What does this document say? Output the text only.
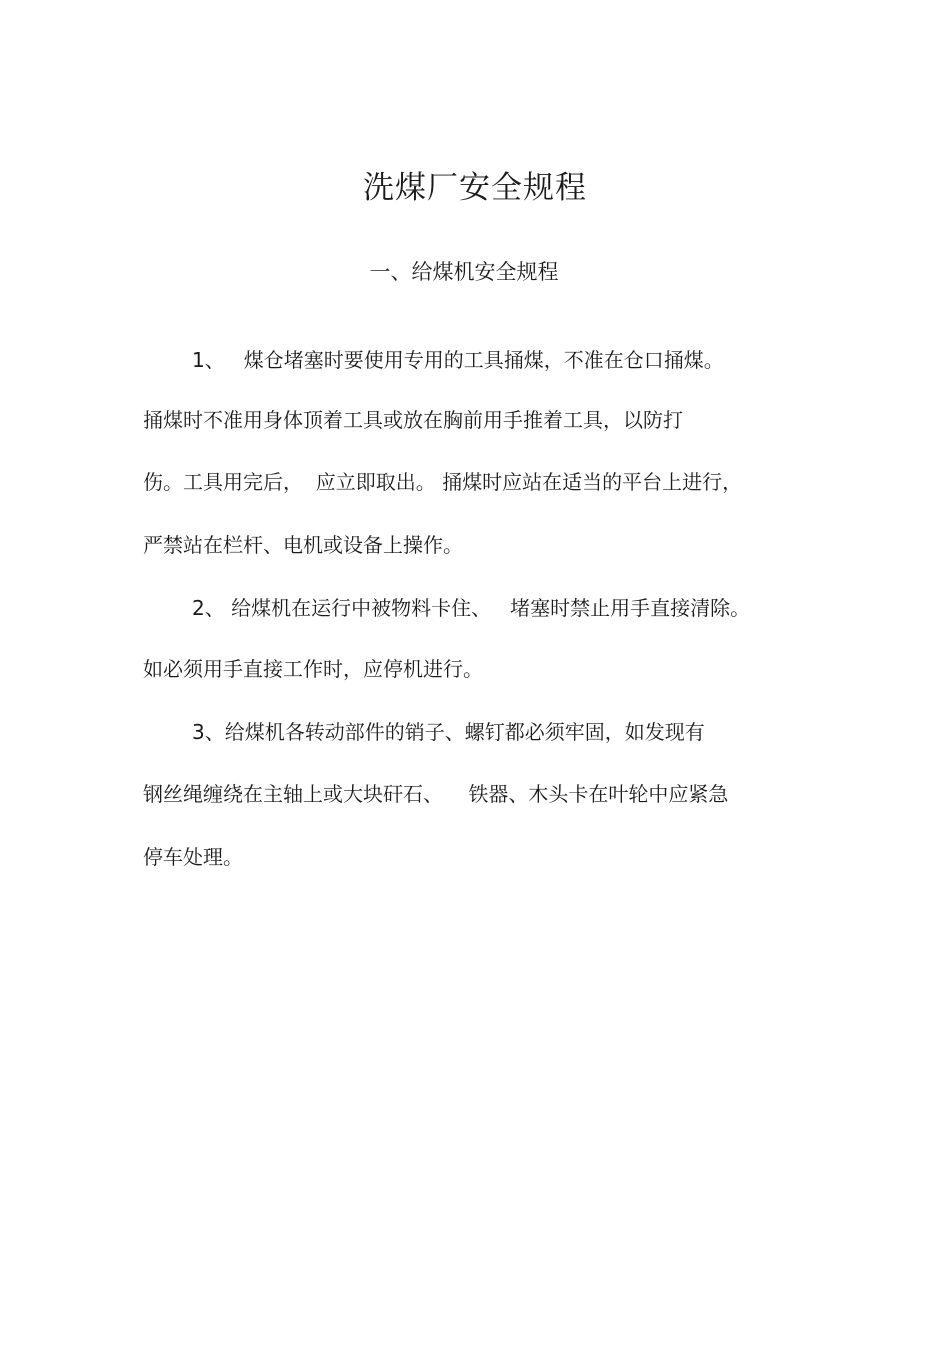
洗煤厂安全规程
一、给煤机安全规程
1、   煤仓堵塞时要使用专用的工具捅煤，不准在仓口捅煤。
捅煤时不准用身体顶着工具或放在胸前用手推着工具，以防打
伤。工具用完后，  应立即取出。 捅煤时应站在适当的平台上进行，
严禁站在栏杆、电机或设备上操作。
2、 给煤机在运行中被物料卡住、   堵塞时禁止用手直接清除。
如必须用手直接工作时，应停机进行。
3、给煤机各转动部件的销子、螺钉都必须牢固，如发现有
钢丝绳缠绕在主轴上或大块矸石、    铁器、木头卡在叶轮中应紧急
停车处理。
